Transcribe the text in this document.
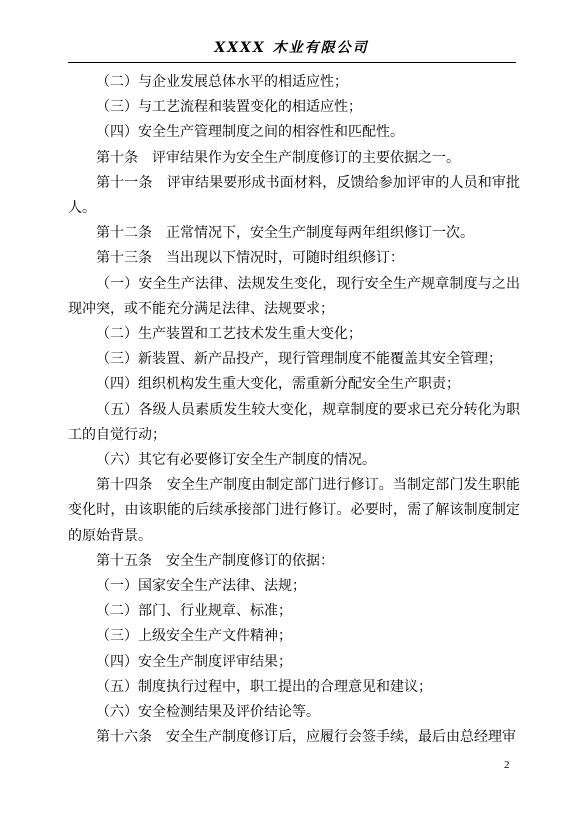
XXXX 木业有限公司

（二）与企业发展总体水平的相适应性；

（三）与工艺流程和装置变化的相适应性；

（四）安全生产管理制度之间的相容性和匹配性。

第十条　评审结果作为安全生产制度修订的主要依据之一。

第十一条　评审结果要形成书面材料，反馈给参加评审的人员和审批人。

第十二条　正常情况下，安全生产制度每两年组织修订一次。

第十三条　当出现以下情况时，可随时组织修订：

（一）安全生产法律、法规发生变化，现行安全生产规章制度与之出现冲突，或不能充分满足法律、法规要求；

（二）生产装置和工艺技术发生重大变化；

（三）新装置、新产品投产，现行管理制度不能覆盖其安全管理；

（四）组织机构发生重大变化，需重新分配安全生产职责；

（五）各级人员素质发生较大变化，规章制度的要求已充分转化为职工的自觉行动；

（六）其它有必要修订安全生产制度的情况。

第十四条　安全生产制度由制定部门进行修订。当制定部门发生职能变化时，由该职能的后续承接部门进行修订。必要时，需了解该制度制定的原始背景。

第十五条　安全生产制度修订的依据：

（一）国家安全生产法律、法规；

（二）部门、行业规章、标准；

（三）上级安全生产文件精神；

（四）安全生产制度评审结果；

（五）制度执行过程中，职工提出的合理意见和建议；

（六）安全检测结果及评价结论等。

第十六条　安全生产制度修订后，应履行会签手续，最后由总经理审

2
